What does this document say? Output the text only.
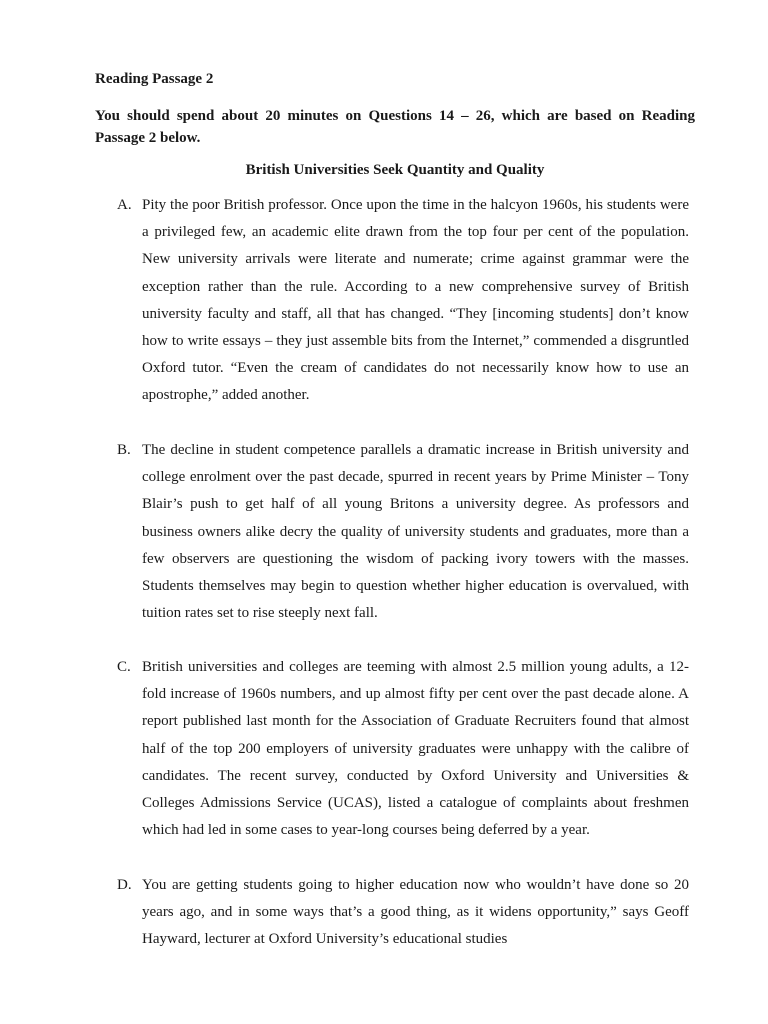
Reading Passage 2
You should spend about 20 minutes on Questions 14 – 26, which are based on Reading Passage 2 below.
British Universities Seek Quantity and Quality
A. Pity the poor British professor. Once upon the time in the halcyon 1960s, his students were a privileged few, an academic elite drawn from the top four per cent of the population. New university arrivals were literate and numerate; crime against grammar were the exception rather than the rule. According to a new comprehensive survey of British university faculty and staff, all that has changed. “They [incoming students] don’t know how to write essays – they just assemble bits from the Internet,” commended a disgruntled Oxford tutor. “Even the cream of candidates do not necessarily know how to use an apostrophe,” added another.
B. The decline in student competence parallels a dramatic increase in British university and college enrolment over the past decade, spurred in recent years by Prime Minister – Tony Blair’s push to get half of all young Britons a university degree. As professors and business owners alike decry the quality of university students and graduates, more than a few observers are questioning the wisdom of packing ivory towers with the masses. Students themselves may begin to question whether higher education is overvalued, with tuition rates set to rise steeply next fall.
C. British universities and colleges are teeming with almost 2.5 million young adults, a 12-fold increase of 1960s numbers, and up almost fifty per cent over the past decade alone. A report published last month for the Association of Graduate Recruiters found that almost half of the top 200 employers of university graduates were unhappy with the calibre of candidates. The recent survey, conducted by Oxford University and Universities & Colleges Admissions Service (UCAS), listed a catalogue of complaints about freshmen which had led in some cases to year-long courses being deferred by a year.
D. You are getting students going to higher education now who wouldn’t have done so 20 years ago, and in some ways that’s a good thing, as it widens opportunity,” says Geoff Hayward, lecturer at Oxford University’s educational studies
